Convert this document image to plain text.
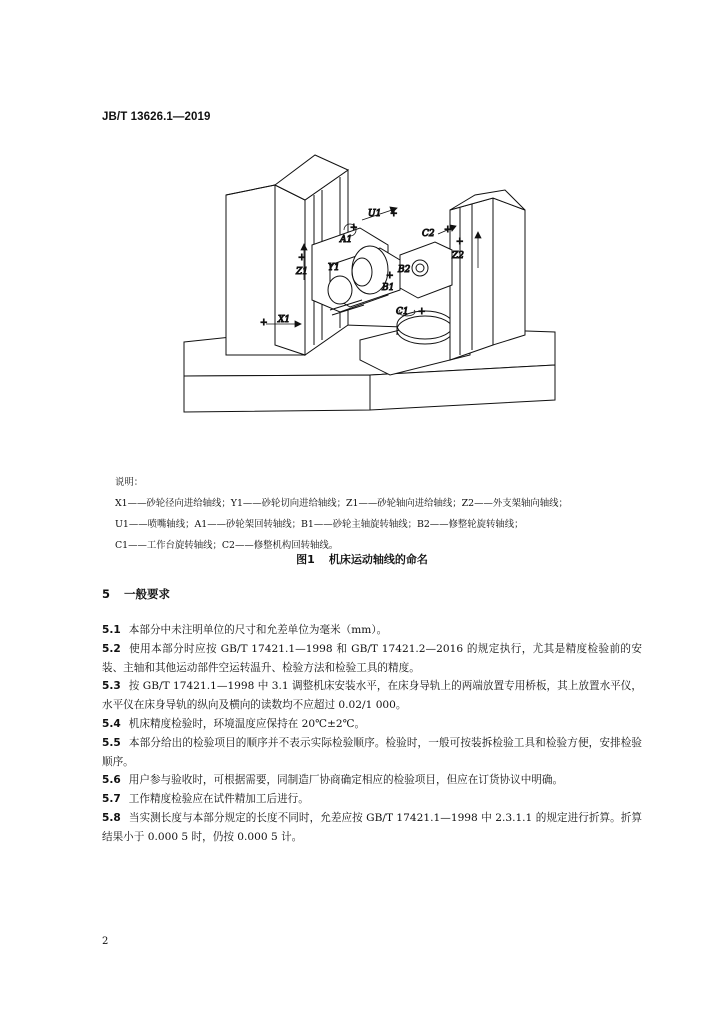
JB/T 13626.1—2019
U1 +
A1
+
Z1
+
Y1
B1
+
X1
+
C1 +
C2 +
B2
Z2
+
说明：
X1——砂轮径向进给轴线；Y1——砂轮切向进给轴线；Z1——砂轮轴向进给轴线；Z2——外支架轴向轴线；
U1——喷嘴轴线；A1——砂轮架回转轴线；B1——砂轮主轴旋转轴线；B2——修整轮旋转轴线；
C1——工作台旋转轴线；C2——修整机构回转轴线。
图1 机床运动轴线的命名
5 一般要求

5.1 本部分中未注明单位的尺寸和允差单位为毫米（mm）。

5.2 使用本部分时应按 GB/T 17421.1—1998 和 GB/T 17421.2—2016 的规定执行，尤其是精度检验前的安装、主轴和其他运动部件空运转温升、检验方法和检验工具的精度。

5.3 按 GB/T 17421.1—1998 中 3.1 调整机床安装水平，在床身导轨上的两端放置专用桥板，其上放置水平仪，水平仪在床身导轨的纵向及横向的读数均不应超过 0.02/1 000。

5.4 机床精度检验时，环境温度应保持在 20℃±2℃。

5.5 本部分给出的检验项目的顺序并不表示实际检验顺序。检验时，一般可按装拆检验工具和检验方便，安排检验顺序。

5.6 用户参与验收时，可根据需要，同制造厂协商确定相应的检验项目，但应在订货协议中明确。

5.7 工作精度检验应在试件精加工后进行。

5.8 当实测长度与本部分规定的长度不同时，允差应按 GB/T 17421.1—1998 中 2.3.1.1 的规定进行折算。折算结果小于 0.000 5 时，仍按 0.000 5 计。

2
